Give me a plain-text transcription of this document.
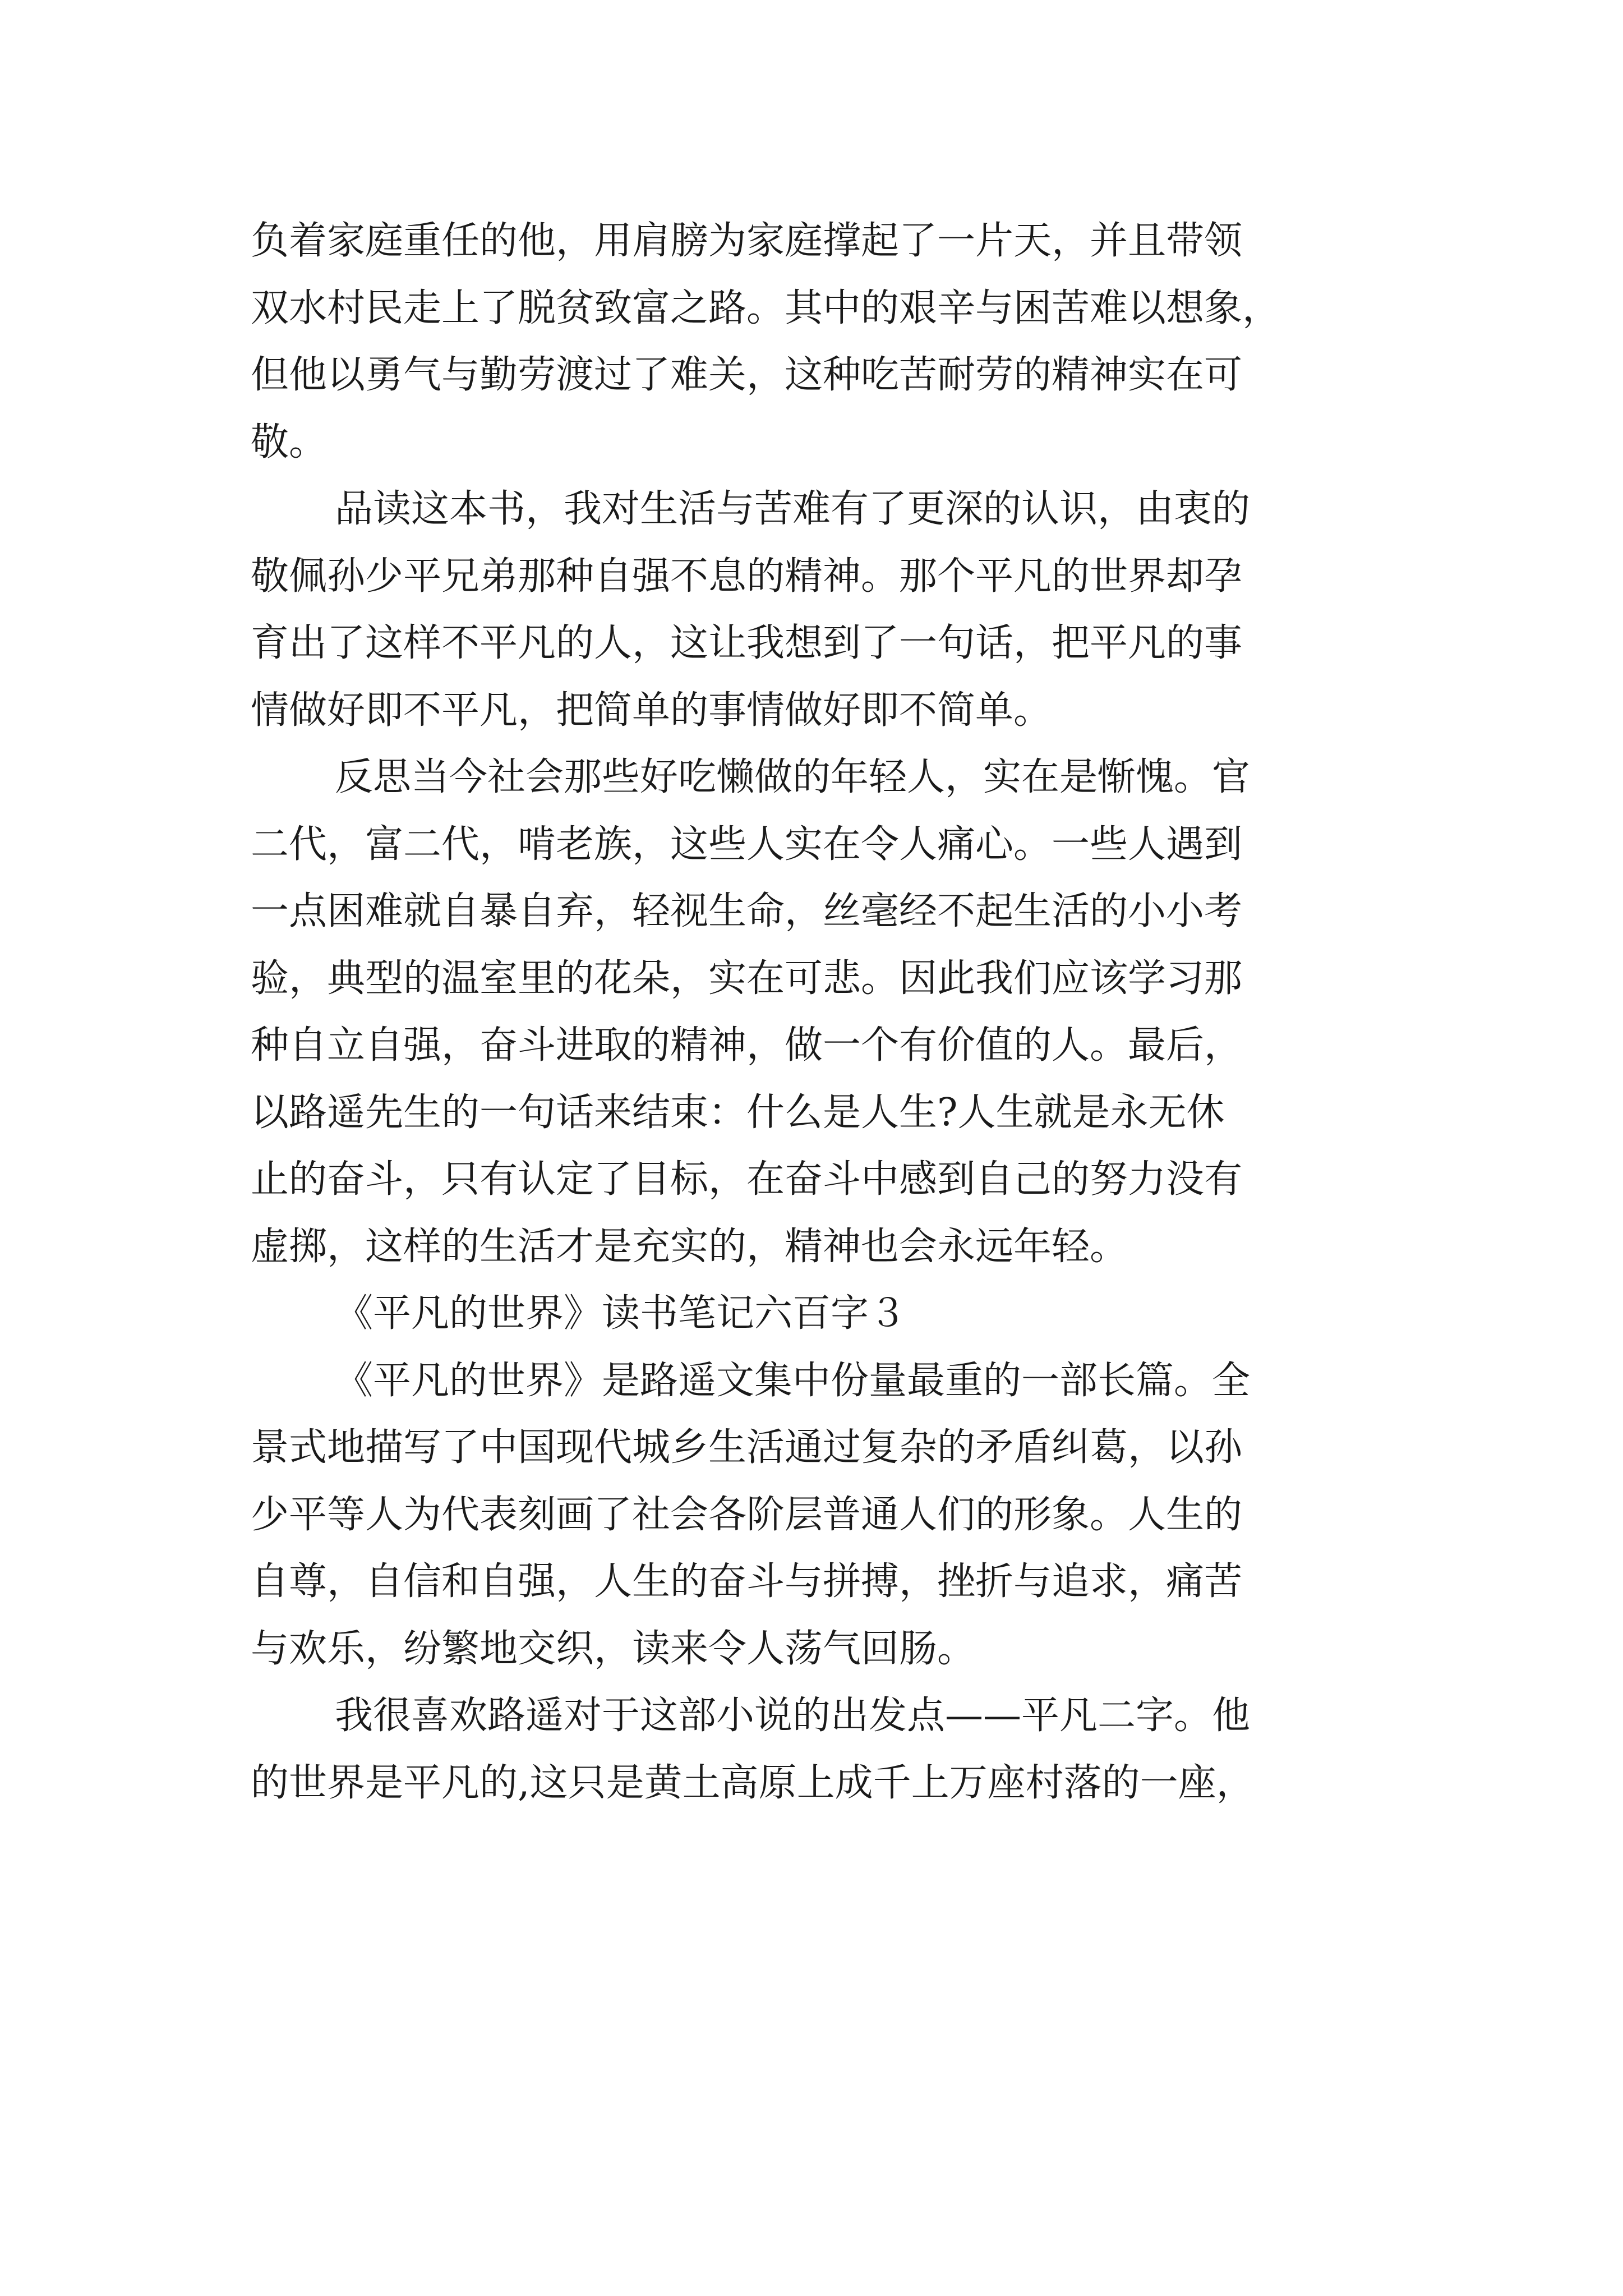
负着家庭重任的他，用肩膀为家庭撑起了一片天，并且带领
双水村民走上了脱贫致富之路。其中的艰辛与困苦难以想象，
但他以勇气与勤劳渡过了难关，这种吃苦耐劳的精神实在可
敬。
品读这本书，我对生活与苦难有了更深的认识，由衷的
敬佩孙少平兄弟那种自强不息的精神。那个平凡的世界却孕
育出了这样不平凡的人，这让我想到了一句话，把平凡的事
情做好即不平凡，把简单的事情做好即不简单。
反思当今社会那些好吃懒做的年轻人，实在是惭愧。官
二代，富二代，啃老族，这些人实在令人痛心。一些人遇到
一点困难就自暴自弃，轻视生命，丝毫经不起生活的小小考
验，典型的温室里的花朵，实在可悲。因此我们应该学习那
种自立自强，奋斗进取的精神，做一个有价值的人。最后，
以路遥先生的一句话来结束：什么是人生?人生就是永无休
止的奋斗，只有认定了目标，在奋斗中感到自己的努力没有
虚掷，这样的生活才是充实的，精神也会永远年轻。
《平凡的世界》读书笔记六百字３
《平凡的世界》是路遥文集中份量最重的一部长篇。全
景式地描写了中国现代城乡生活通过复杂的矛盾纠葛，以孙
少平等人为代表刻画了社会各阶层普通人们的形象。人生的
自尊，自信和自强，人生的奋斗与拼搏，挫折与追求，痛苦
与欢乐，纷繁地交织，读来令人荡气回肠。
我很喜欢路遥对于这部小说的出发点——平凡二字。他
的世界是平凡的,这只是黄土高原上成千上万座村落的一座，
